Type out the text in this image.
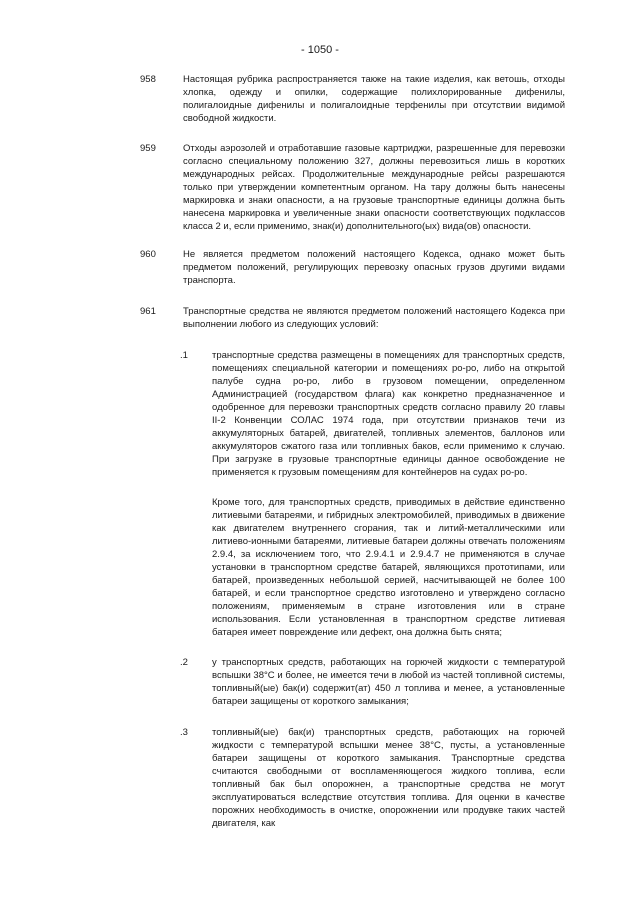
- 1050 -
958	Настоящая рубрика распространяется также на такие изделия, как ветошь, отходы хлопка, одежду и опилки, содержащие полихлорированные дифенилы, полигалоидные дифенилы и полигалоидные терфенилы при отсутствии видимой свободной жидкости.

959	Отходы аэрозолей и отработавшие газовые картриджи, разрешенные для перевозки согласно специальному положению 327, должны перевозиться лишь в коротких международных рейсах. Продолжительные международные рейсы разрешаются только при утверждении компетентным органом. На тару должны быть нанесены маркировка и знаки опасности, а на грузовые транспортные единицы должна быть нанесена маркировка и увеличенные знаки опасности соответствующих подклассов класса 2 и, если применимо, знак(и) дополнительного(ых) вида(ов) опасности.

960	Не является предметом положений настоящего Кодекса, однако может быть предметом положений, регулирующих перевозку опасных грузов другими видами транспорта.

961	Транспортные средства не являются предметом положений настоящего Кодекса при выполнении любого из следующих условий:

.1	транспортные средства размещены в помещениях для транспортных средств, помещениях специальной категории и помещениях ро-ро, либо на открытой палубе судна ро-ро, либо в грузовом помещении, определенном Администрацией (государством флага) как конкретно предназначенное и одобренное для перевозки транспортных средств согласно правилу 20 главы II-2 Конвенции СОЛАС 1974 года, при отсутствии признаков течи из аккумуляторных батарей, двигателей, топливных элементов, баллонов или аккумуляторов сжатого газа или топливных баков, если применимо к случаю. При загрузке в грузовые транспортные единицы данное освобождение не применяется к грузовым помещениям для контейнеров на судах ро-ро.

Кроме того, для транспортных средств, приводимых в действие единственно литиевыми батареями, и гибридных электромобилей, приводимых в движение как двигателем внутреннего сгорания, так и литий-металлическими или литиево-ионными батареями, литиевые батареи должны отвечать положениям 2.9.4, за исключением того, что 2.9.4.1 и 2.9.4.7 не применяются в случае установки в транспортном средстве батарей, являющихся прототипами, или батарей, произведенных небольшой серией, насчитывающей не более 100 батарей, и если транспортное средство изготовлено и утверждено согласно положениям, применяемым в стране изготовления или в стране использования. Если установленная в транспортном средстве литиевая батарея имеет повреждение или дефект, она должна быть снята;

.2	у транспортных средств, работающих на горючей жидкости с температурой вспышки 38°C и более, не имеется течи в любой из частей топливной системы, топливный(ые) бак(и) содержит(ат) 450 л топлива и менее, а установленные батареи защищены от короткого замыкания;

.3	топливный(ые) бак(и) транспортных средств, работающих на горючей жидкости с температурой вспышки менее 38°C, пусты, а установленные батареи защищены от короткого замыкания. Транспортные средства считаются свободными от воспламеняющегося жидкого топлива, если топливный бак был опорожнен, а транспортные средства не могут эксплуатироваться вследствие отсутствия топлива. Для оценки в качестве порожних необходимость в очистке, опорожнении или продувке таких частей двигателя, как
